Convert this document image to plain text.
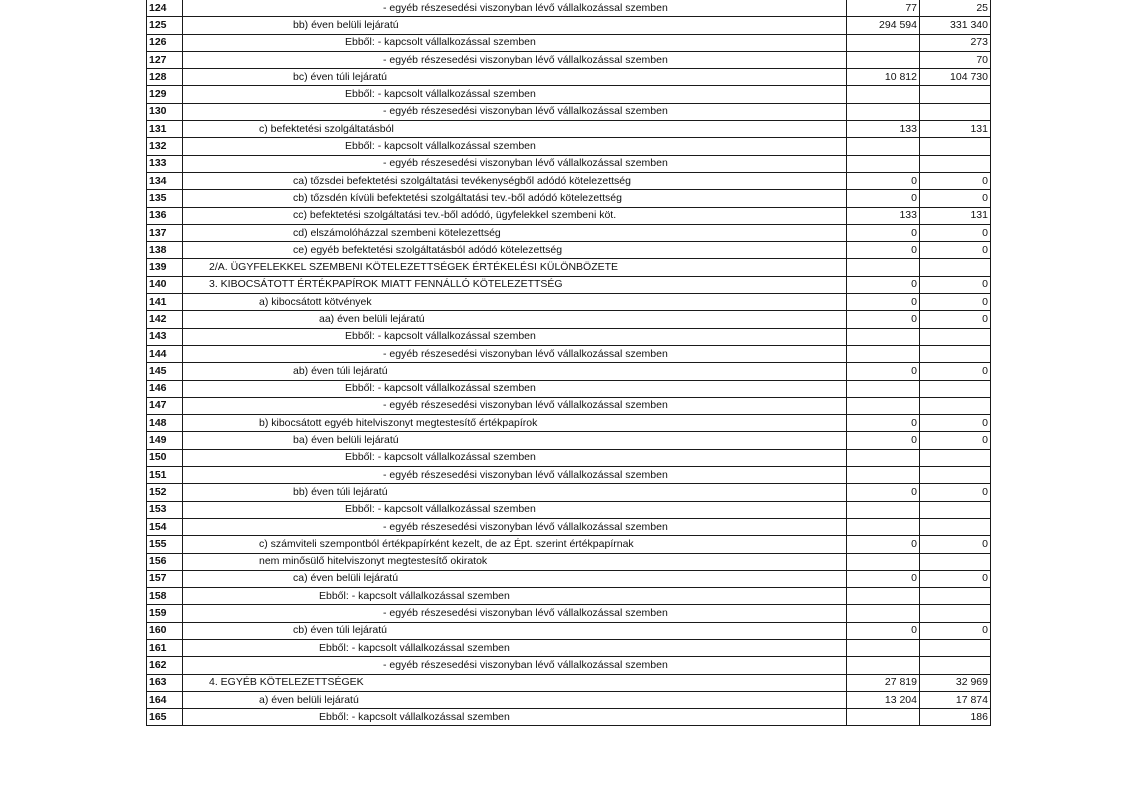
124	- egyéb részesedési viszonyban lévő vállalkozással szemben	77	25
125	bb) éven belüli lejáratú	294 594	331 340
126	Ebből: - kapcsolt vállalkozással szemben		273
127	- egyéb részesedési viszonyban lévő vállalkozással szemben		70
128	bc) éven túli lejáratú	10 812	104 730
129	Ebből: - kapcsolt vállalkozással szemben		
130	- egyéb részesedési viszonyban lévő vállalkozással szemben		
131	c) befektetési szolgáltatásból	133	131
132	Ebből: - kapcsolt vállalkozással szemben		
133	- egyéb részesedési viszonyban lévő vállalkozással szemben		
134	ca) tőzsdei befektetési szolgáltatási tevékenységből adódó kötelezettség	0	0
135	cb) tőzsdén kívüli befektetési szolgáltatási tev.-ből adódó kötelezettség	0	0
136	cc) befektetési szolgáltatási tev.-ből adódó, ügyfelekkel szembeni köt.	133	131
137	cd) elszámolóházzal szembeni kötelezettség	0	0
138	ce) egyéb befektetési szolgáltatásból adódó kötelezettség	0	0
139	2/A. ÜGYFELEKKEL SZEMBENI KÖTELEZETTSÉGEK ÉRTÉKELÉSI KÜLÖNBÖZETE		
140	3. KIBOCSÁTOTT ÉRTÉKPAPÍROK MIATT FENNÁLLÓ KÖTELEZETTSÉG	0	0
141	a) kibocsátott kötvények	0	0
142	aa) éven belüli lejáratú	0	0
143	Ebből: - kapcsolt vállalkozással szemben		
144	- egyéb részesedési viszonyban lévő vállalkozással szemben		
145	ab) éven túli lejáratú	0	0
146	Ebből: - kapcsolt vállalkozással szemben		
147	- egyéb részesedési viszonyban lévő vállalkozással szemben		
148	b) kibocsátott egyéb hitelviszonyt megtestesítő értékpapírok	0	0
149	ba) éven belüli lejáratú	0	0
150	Ebből: - kapcsolt vállalkozással szemben		
151	- egyéb részesedési viszonyban lévő vállalkozással szemben		
152	bb) éven túli lejáratú	0	0
153	Ebből: - kapcsolt vállalkozással szemben		
154	- egyéb részesedési viszonyban lévő vállalkozással szemben		
155	c) számviteli szempontból értékpapírként kezelt, de az Épt. szerint értékpapírnak	0	0
156	nem minősülő hitelviszonyt megtestesítő okiratok		
157	ca) éven belüli lejáratú	0	0
158	Ebből: - kapcsolt vállalkozással szemben		
159	- egyéb részesedési viszonyban lévő vállalkozással szemben		
160	cb) éven túli lejáratú	0	0
161	Ebből: - kapcsolt vállalkozással szemben		
162	- egyéb részesedési viszonyban lévő vállalkozással szemben		
163	4. EGYÉB KÖTELEZETTSÉGEK	27 819	32 969
164	a) éven belüli lejáratú	13 204	17 874
165	Ebből: - kapcsolt vállalkozással szemben		186
